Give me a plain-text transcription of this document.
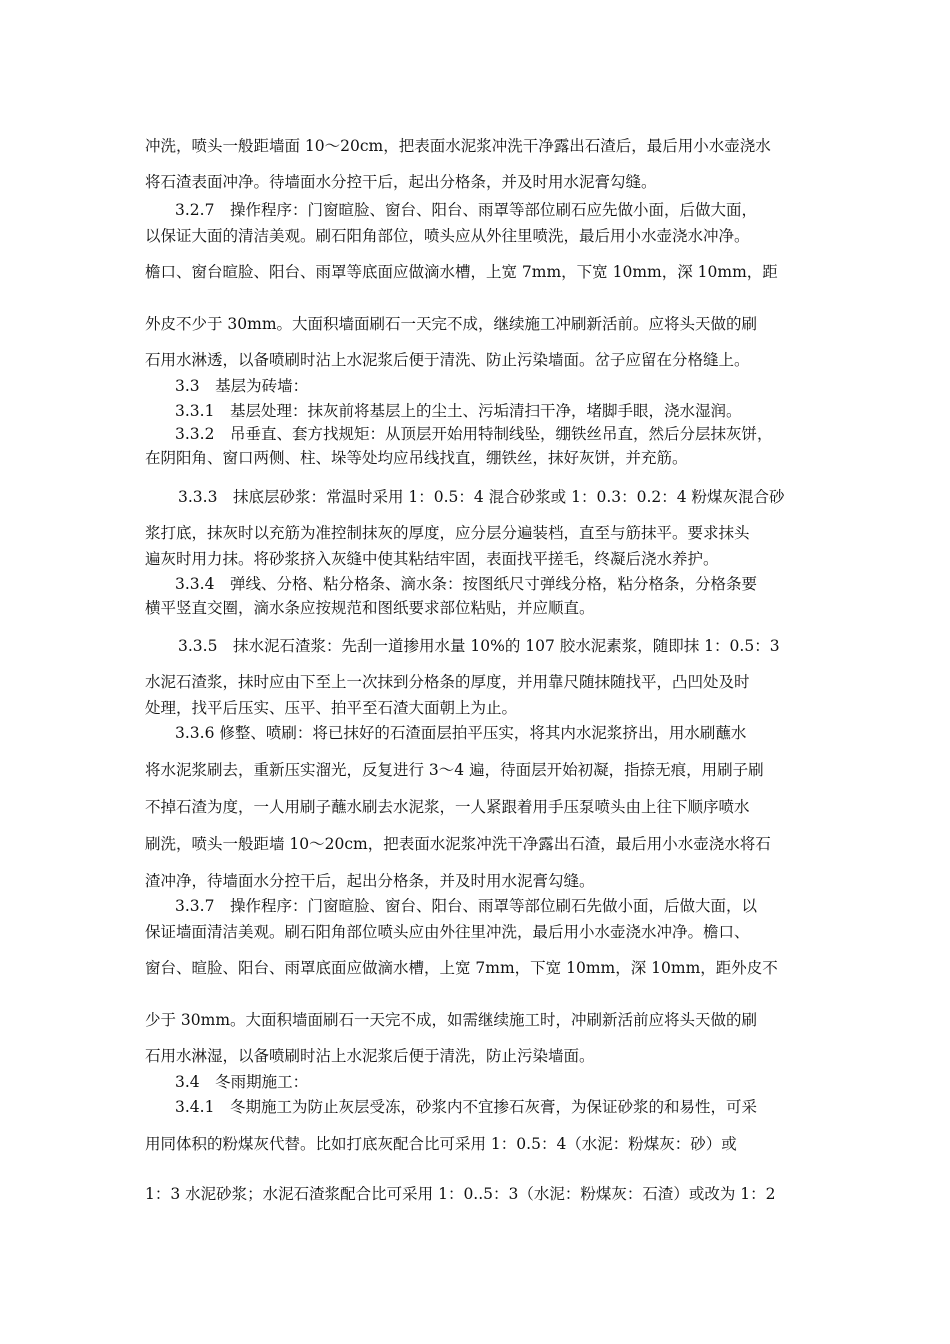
冲洗，喷头一般距墙面 10～20cm，把表面水泥浆冲洗干净露出石渣后，最后用小水壶浇水

将石渣表面冲净。待墙面水分控干后，起出分格条，并及时用水泥膏勾缝。

3.2.7　操作程序：门窗暄脸、窗台、阳台、雨罩等部位刷石应先做小面，后做大面，

以保证大面的清洁美观。刷石阳角部位，喷头应从外往里喷洗，最后用小水壶浇水冲净。

檐口、窗台暄脸、阳台、雨罩等底面应做滴水槽，上宽 7mm，下宽 10mm，深 10mm，距

外皮不少于 30mm。大面积墙面刷石一天完不成，继续施工冲刷新活前。应将头天做的刷

石用水淋透，以备喷刷时沾上水泥浆后便于清洗、防止污染墙面。岔子应留在分格缝上。

3.3　基层为砖墙：

3.3.1　基层处理：抹灰前将基层上的尘土、污垢清扫干净，堵脚手眼，浇水湿润。

3.3.2　吊垂直、套方找规矩：从顶层开始用特制线坠，绷铁丝吊直，然后分层抹灰饼，

在阴阳角、窗口两侧、柱、垛等处均应吊线找直，绷铁丝，抹好灰饼，并充筋。

3.3.3　抹底层砂浆：常温时采用 1：0.5：4 混合砂浆或 1：0.3：0.2：4 粉煤灰混合砂

浆打底，抹灰时以充筋为准控制抹灰的厚度，应分层分遍装档，直至与筋抹平。要求抹头

遍灰时用力抹。将砂浆挤入灰缝中使其粘结牢固，表面找平搓毛，终凝后浇水养护。

3.3.4　弹线、分格、粘分格条、滴水条：按图纸尺寸弹线分格，粘分格条，分格条要

横平竖直交圈，滴水条应按规范和图纸要求部位粘贴，并应顺直。

3.3.5　抹水泥石渣浆：先刮一道掺用水量 10%的 107 胶水泥素浆，随即抹 1：0.5：3

水泥石渣浆，抹时应由下至上一次抹到分格条的厚度，并用靠尺随抹随找平，凸凹处及时

处理，找平后压实、压平、拍平至石渣大面朝上为止。

3.3.6 修整、喷刷：将已抹好的石渣面层拍平压实，将其内水泥浆挤出，用水刷蘸水

将水泥浆刷去，重新压实溜光，反复进行 3～4 遍，待面层开始初凝，指捺无痕，用刷子刷

不掉石渣为度，一人用刷子蘸水刷去水泥浆，一人紧跟着用手压泵喷头由上往下顺序喷水

刷洗，喷头一般距墙 10～20cm，把表面水泥浆冲洗干净露出石渣，最后用小水壶浇水将石

渣冲净，待墙面水分控干后，起出分格条，并及时用水泥膏勾缝。

3.3.7　操作程序：门窗暄脸、窗台、阳台、雨罩等部位刷石先做小面，后做大面，以

保证墙面清洁美观。刷石阳角部位喷头应由外往里冲洗，最后用小水壶浇水冲净。檐口、

窗台、暄脸、阳台、雨罩底面应做滴水槽，上宽 7mm，下宽 10mm，深 10mm，距外皮不

少于 30mm。大面积墙面刷石一天完不成，如需继续施工时，冲刷新活前应将头天做的刷

石用水淋湿，以备喷刷时沾上水泥浆后便于清洗，防止污染墙面。

3.4　冬雨期施工：

3.4.1　冬期施工为防止灰层受冻，砂浆内不宜掺石灰膏，为保证砂浆的和易性，可采

用同体积的粉煤灰代替。比如打底灰配合比可采用 1：0.5：4（水泥：粉煤灰：砂）或

1：3 水泥砂浆；水泥石渣浆配合比可采用 1：0..5：3（水泥：粉煤灰：石渣）或改为 1：2
